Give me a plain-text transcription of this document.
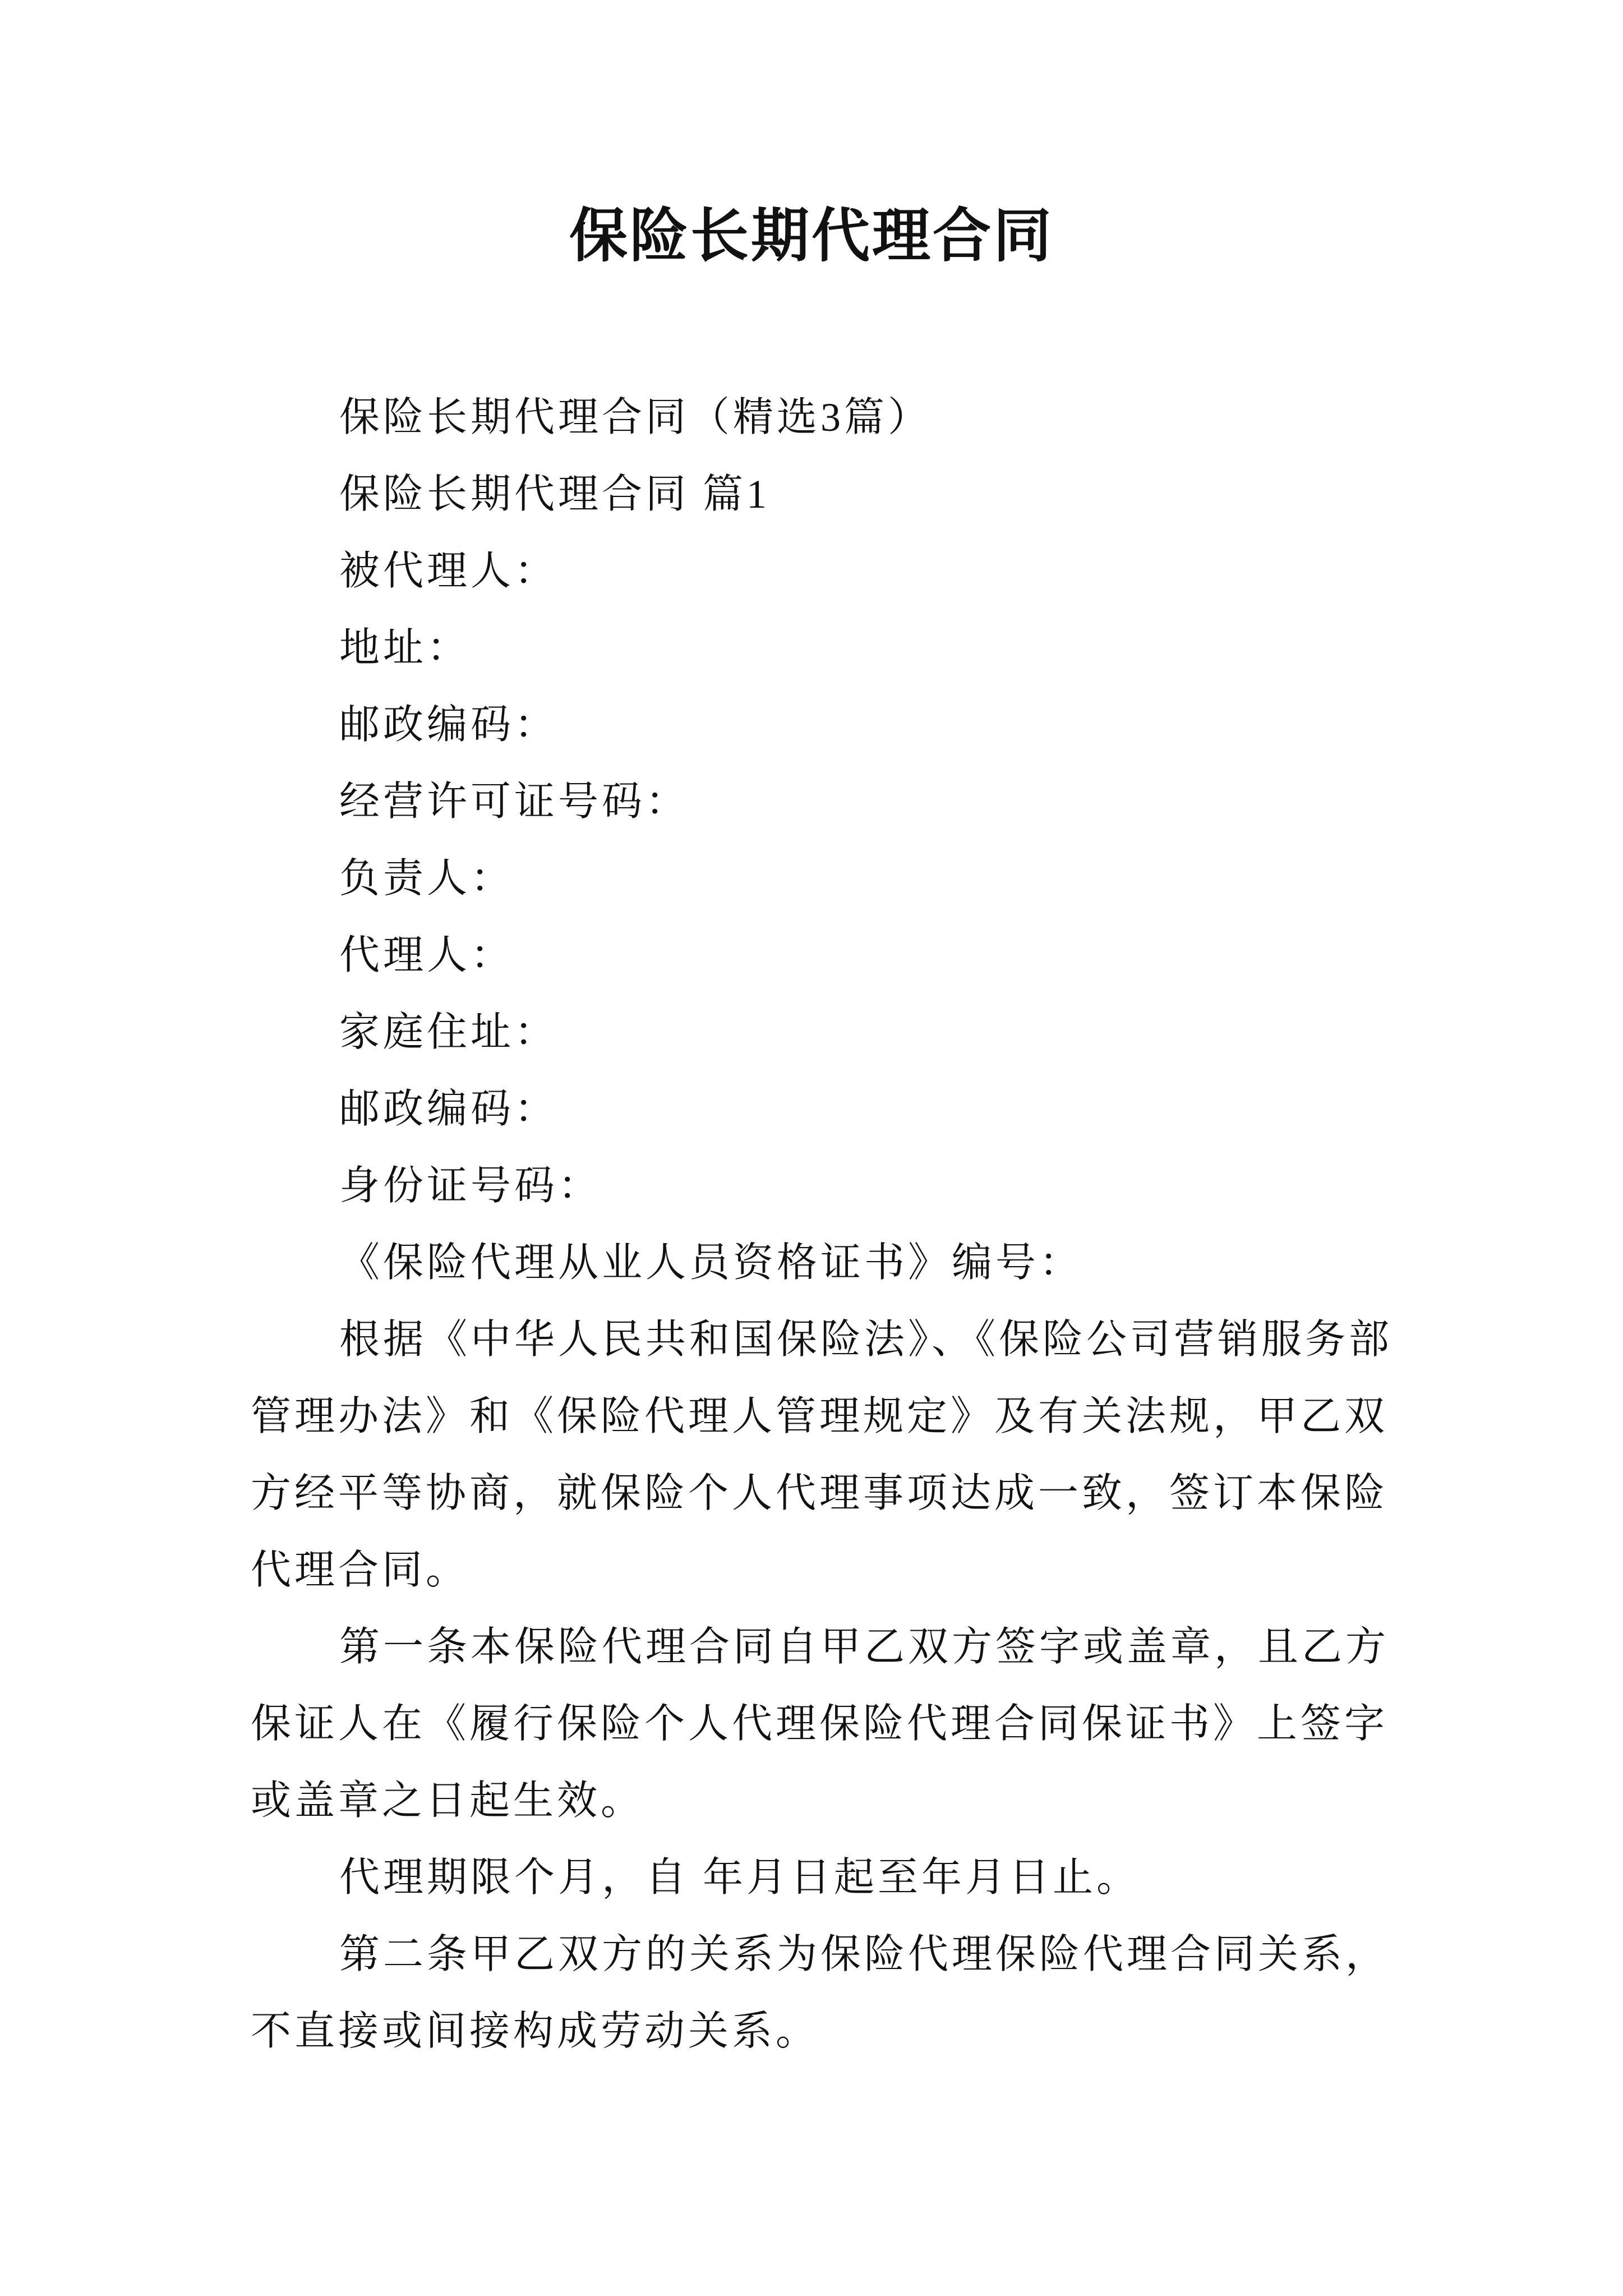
保险长期代理合同
保险长期代理合同（精选3篇）
保险长期代理合同 篇1
被代理人：
地址：
邮政编码：
经营许可证号码：
负责人：
代理人：
家庭住址：
邮政编码：
身份证号码：
《保险代理从业人员资格证书》编号：
根据《中华人民共和国保险法》、《保险公司营销服务部
管理办法》和《保险代理人管理规定》及有关法规，甲乙双
方经平等协商，就保险个人代理事项达成一致，签订本保险
代理合同。
第一条本保险代理合同自甲乙双方签字或盖章，且乙方
保证人在《履行保险个人代理保险代理合同保证书》上签字
或盖章之日起生效。
代理期限个月，自 年月日起至年月日止。
第二条甲乙双方的关系为保险代理保险代理合同关系，
不直接或间接构成劳动关系。
